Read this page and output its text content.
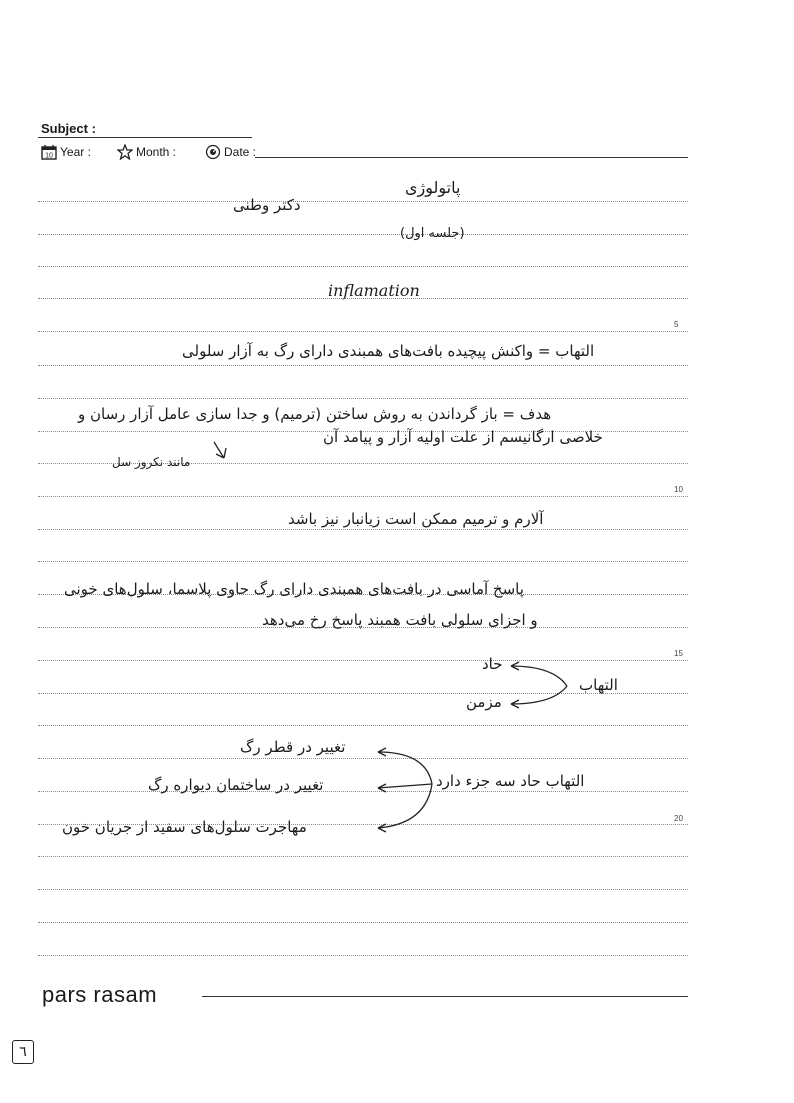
Subject :
10 Year :	Month :	Date :
5
10
15
20
پاتولوژی
دکتر وطنی
(جلسه اول)
inflamation
التهاب = واکنش پیچیده بافت‌های همبندی دارای رگ به آزار سلولی
هدف = باز گرداندن به روش ساختن (ترمیم) و جدا سازی عامل آزار رسان و
خلاصی ارگانیسم از علت اولیه آزار و پیامد آن
مانند نکروز سل
آلارم و ترمیم ممکن است زیانبار نیز باشد
پاسخ آماسی در بافت‌های همبندی دارای رگ حاوی پلاسما، سلول‌های خونی
و اجزای سلولی بافت همبند پاسخ رخ می‌دهد
التهاب
حاد
مزمن
تغییر در قطر رگ
تغییر در ساختمان دیواره رگ
مهاجرت سلول‌های سفید از جریان خون
التهاب حاد سه جزء دارد
pars rasam
٦
